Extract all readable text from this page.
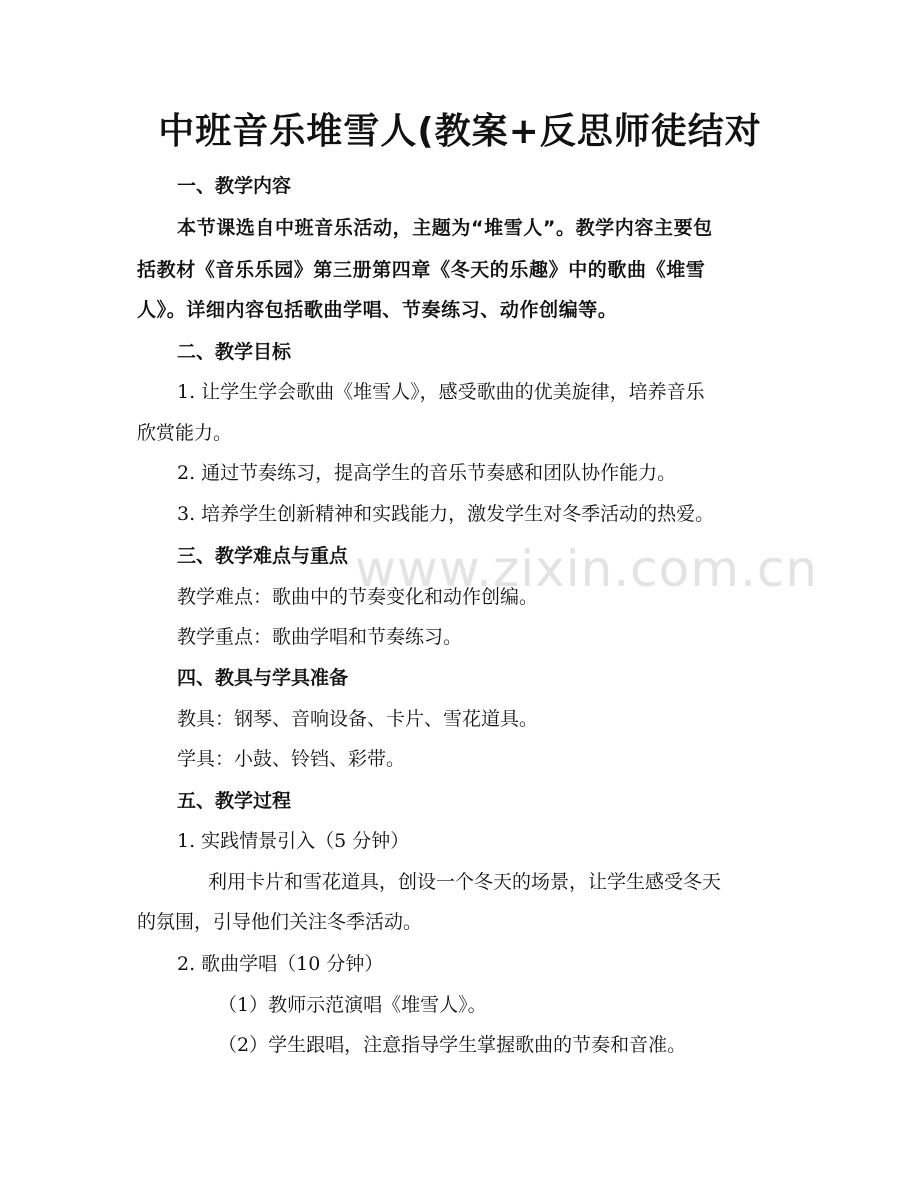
www.zixin.com.cn
中班音乐堆雪人(教案+反思师徒结对
一、教学内容
本节课选自中班音乐活动，主题为“堆雪人”。教学内容主要包
括教材《音乐乐园》第三册第四章《冬天的乐趣》中的歌曲《堆雪
人》。详细内容包括歌曲学唱、节奏练习、动作创编等。
二、教学目标
1. 让学生学会歌曲《堆雪人》，感受歌曲的优美旋律，培养音乐
欣赏能力。
2. 通过节奏练习，提高学生的音乐节奏感和团队协作能力。
3. 培养学生创新精神和实践能力，激发学生对冬季活动的热爱。
三、教学难点与重点
教学难点：歌曲中的节奏变化和动作创编。
教学重点：歌曲学唱和节奏练习。
四、教具与学具准备
教具：钢琴、音响设备、卡片、雪花道具。
学具：小鼓、铃铛、彩带。
五、教学过程
1. 实践情景引入（5 分钟）
利用卡片和雪花道具，创设一个冬天的场景，让学生感受冬天
的氛围，引导他们关注冬季活动。
2. 歌曲学唱（10 分钟）
（1）教师示范演唱《堆雪人》。
（2）学生跟唱，注意指导学生掌握歌曲的节奏和音准。
